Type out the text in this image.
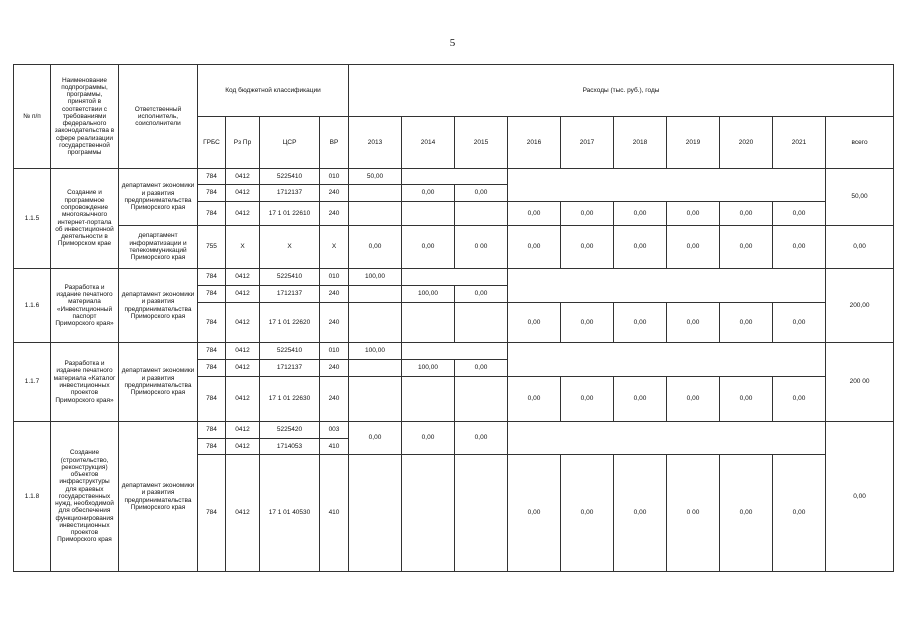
5
№ п/п	Наименование подпрограммы, программы, принятой в соответствии с требованиями федерального законодательства в сфере реализации государственной программы	Ответственный исполнитель, соисполнители	Код бюджетной классификации				Расходы (тыс. руб.), годы									
			ГРБС	Рз Пр	ЦСР	ВР	2013	2014	2015	2016	2017	2018	2019	2020	2021	всего
1.1.5	Создание и программное сопровождение многоязычного интернет-портала об инвестиционной деятельности в Приморском крае	департамент экономики и развития предпринимательства Приморского края	784	0412	5225410	010	50,00									50,00
			784	0412	1712137	240		0,00	0,00							
			784	0412	17 1 01 22610	240				0,00	0,00	0,00	0,00	0,00	0,00	
		департамент информатизации и телекоммуникаций Приморского края	755	X	X	X	0,00	0,00	0 00	0,00	0,00	0,00	0,00	0,00	0,00	0,00
1.1.6	Разработка и издание печатного материала «Инвестиционный паспорт Приморского края»	департамент экономики и развития предпринимательства Приморского края	784	0412	5225410	010	100,00									200,00
			784	0412	1712137	240		100,00	0,00							
			784	0412	17 1 01 22620	240				0,00	0,00	0,00	0,00	0,00	0,00	
1.1.7	Разработка и издание печатного материала «Каталог инвестиционных проектов Приморского края»	департамент экономики и развития предпринимательства Приморского края	784	0412	5225410	010	100,00									200 00
			784	0412	1712137	240		100,00	0,00							
			784	0412	17 1 01 22630	240				0,00	0,00	0,00	0,00	0,00	0,00	
1.1.8	Создание (строительство, реконструкция) объектов инфраструктуры для краевых государственных нужд, необходимой для обеспечения функционирования инвестиционных проектов Приморского края	департамент экономики и развития предпринимательства Приморского края	784	0412	5225420	003	0,00	0,00	0,00							0,00
			784	0412	1714053	410										
			784	0412	17 1 01 40530	410				0,00	0,00	0,00	0 00	0,00	0,00	
